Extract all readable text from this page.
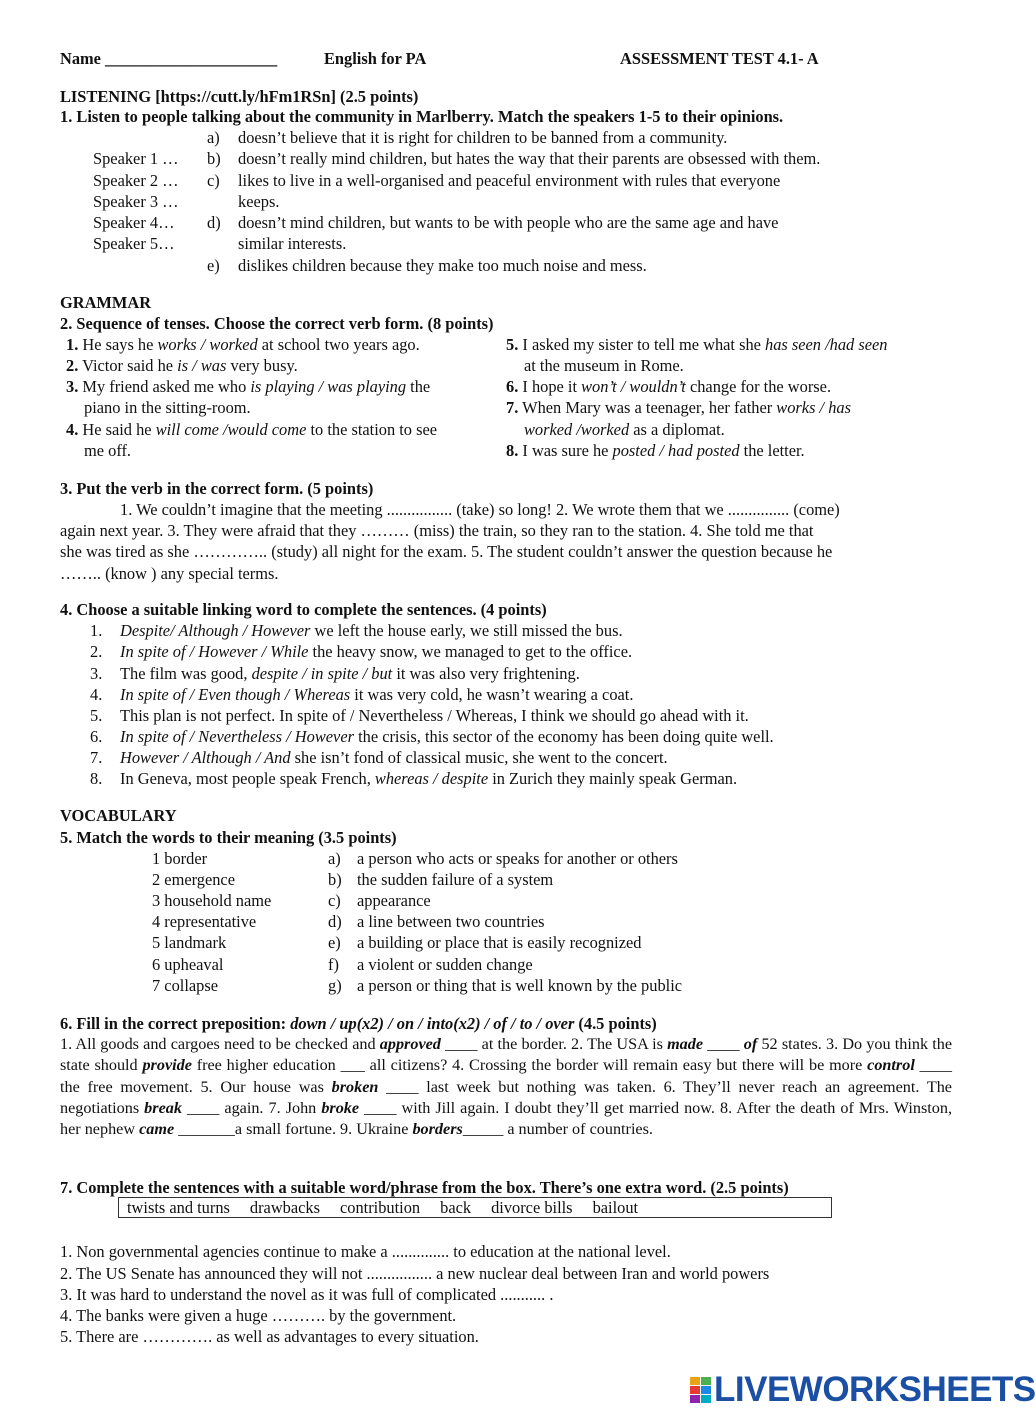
Name _____________________	English for PA	ASSESSMENT TEST 4.1- A
LISTENING [https://cutt.ly/hFm1RSn] (2.5 points)
1. Listen to people talking about the community in Marlberry. Match the speakers 1-5 to their opinions.
Speaker 1 …
Speaker 2 …
Speaker 3 …
Speaker 4…
Speaker 5…
a)
b)
c)
d)
e)
doesn’t believe that it is right for children to be banned from a community.
doesn’t really mind children, but hates the way that their parents are obsessed with them.
likes to live in a well-organised and peaceful environment with rules that everyone
keeps.
doesn’t mind children, but wants to be with people who are the same age and have
similar interests.
dislikes children because they make too much noise and mess.
GRAMMAR
2. Sequence of tenses. Choose the correct verb form. (8 points)
1. He says he works / worked at school two years ago.
2. Victor said he is / was very busy.
3. My friend asked me who is playing / was playing the
piano in the sitting-room.
4. He said he will come /would come to the station to see
me off.
5. I asked my sister to tell me what she has seen /had seen
at the museum in Rome.
6. I hope it won’t / wouldn’t change for the worse.
7. When Mary was a teenager, her father works / has
worked /worked as a diplomat.
8. I was sure he posted / had posted the letter.
3. Put the verb in the correct form. (5 points)
1. We couldn’t imagine that the meeting ................ (take) so long! 2. We wrote them that we ............... (come)
again next year. 3. They were afraid that they ……… (miss) the train, so they ran to the station. 4. She told me that
she was tired as she ………….. (study) all night for the exam. 5. The student couldn’t answer the question because he
…….. (know ) any special terms.
4. Choose a suitable linking word to complete the sentences. (4 points)
1. Despite/ Although / However we left the house early, we still missed the bus.
2. In spite of / However / While the heavy snow, we managed to get to the office.
3. The film was good, despite / in spite / but it was also very frightening.
4. In spite of / Even though / Whereas it was very cold, he wasn’t wearing a coat.
5. This plan is not perfect. In spite of / Nevertheless / Whereas, I think we should go ahead with it.
6. In spite of / Nevertheless / However the crisis, this sector of the economy has been doing quite well.
7. However / Although / And she isn’t fond of classical music, she went to the concert.
8. In Geneva, most people speak French, whereas / despite in Zurich they mainly speak German.
VOCABULARY
5. Match the words to their meaning (3.5 points)
1 border
2 emergence
3 household name
4 representative
5 landmark
6 upheaval
7 collapse
a)
b)
c)
d)
e)
f)
g)
a person who acts or speaks for another or others
the sudden failure of a system
appearance
a line between two countries
a building or place that is easily recognized
a violent or sudden change
a person or thing that is well known by the public
6. Fill in the correct preposition: down / up(x2) / on / into(x2) / of / to / over (4.5 points)
1. All goods and cargoes need to be checked and approved ____ at the border. 2. The USA is made ____ of 52 states. 3. Do you think the state should provide free higher education ___ all citizens? 4. Crossing the border will remain easy but there will be more control ____ the free movement. 5. Our house was broken ____ last week but nothing was taken. 6. They’ll never reach an agreement. The negotiations break ____ again. 7. John broke ____ with Jill again. I doubt they’ll get married now. 8. After the death of Mrs. Winston, her nephew came _______a small fortune. 9. Ukraine borders_____ a number of countries.
7. Complete the sentences with a suitable word/phrase from the box. There’s one extra word. (2.5 points)
twists and turns drawbacks contribution back divorce bills bailout
1. Non governmental agencies continue to make a .............. to education at the national level.
2. The US Senate has announced they will not ................ a new nuclear deal between Iran and world powers
3. It was hard to understand the novel as it was full of complicated ........... .
4. The banks were given a huge ………. by the government.
5. There are …………. as well as advantages to every situation.
LIVEWORKSHEETS
